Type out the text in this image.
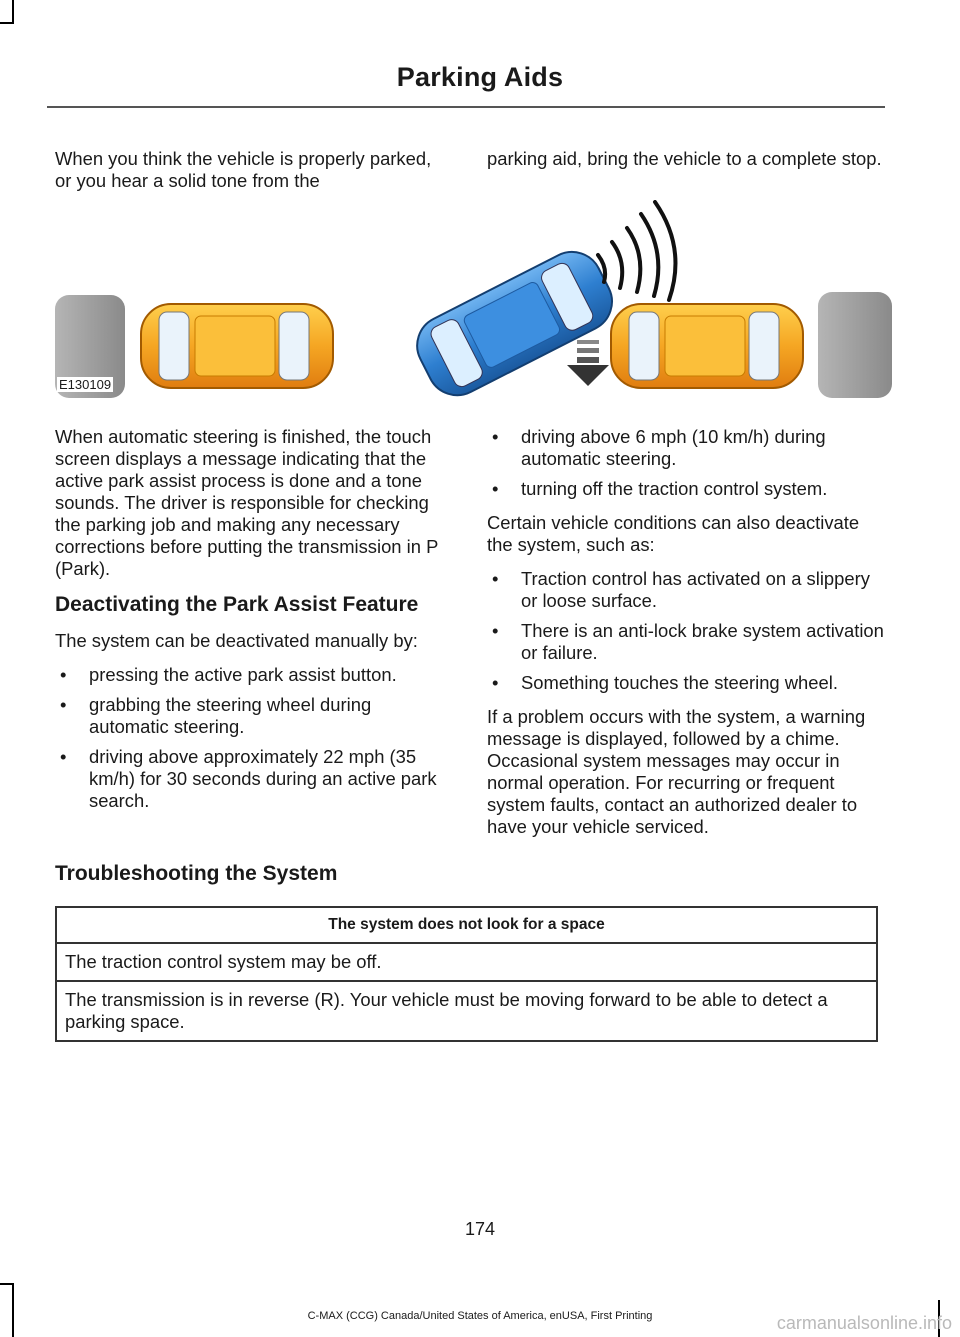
Parking Aids

When you think the vehicle is properly parked, or you hear a solid tone from the

parking aid, bring the vehicle to a complete stop.

E130109

When automatic steering is finished, the touch screen displays a message indicating that the active park assist process is done and a tone sounds. The driver is responsible for checking the parking job and making any necessary corrections before putting the transmission in P (Park).

Deactivating the Park Assist Feature

The system can be deactivated manually by:

• pressing the active park assist button.
• grabbing the steering wheel during automatic steering.
• driving above approximately 22 mph (35 km/h) for 30 seconds during an active park search.
• driving above 6 mph (10 km/h) during automatic steering.
• turning off the traction control system.

Certain vehicle conditions can also deactivate the system, such as:

• Traction control has activated on a slippery or loose surface.
• There is an anti-lock brake system activation or failure.
• Something touches the steering wheel.

If a problem occurs with the system, a warning message is displayed, followed by a chime. Occasional system messages may occur in normal operation. For recurring or frequent system faults, contact an authorized dealer to have your vehicle serviced.

Troubleshooting the System
The system does not look for a space
The traction control system may be off.
The transmission is in reverse (R). Your vehicle must be moving forward to be able to detect a parking space.
174
C-MAX (CCG) Canada/United States of America, enUSA, First Printing	carmanualsonline.info
